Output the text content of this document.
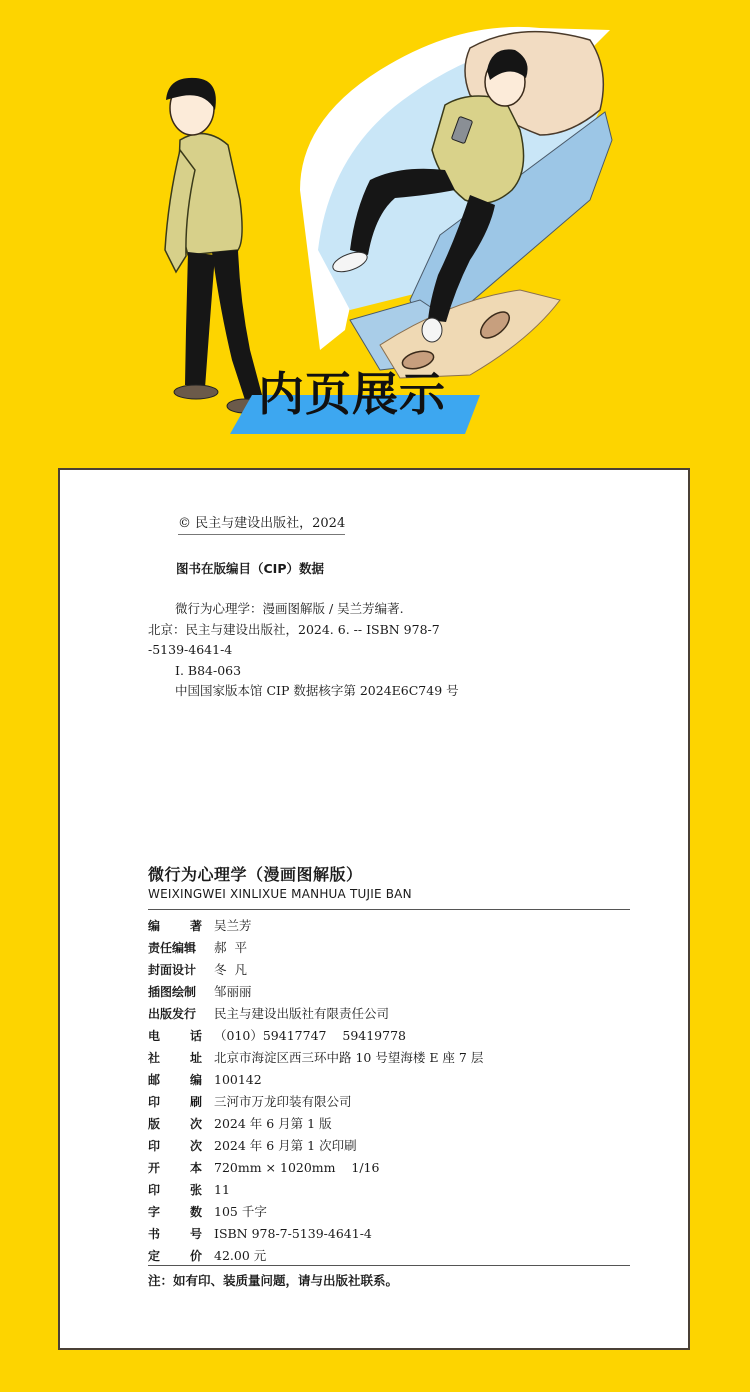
内页展示
© 民主与建设出版社，2024
图书在版编目（CIP）数据
微行为心理学：漫画图解版 / 吴兰芳编著.
北京：民主与建设出版社，2024. 6. -- ISBN 978-7
-5139-4641-4
Ⅰ. B84-063
中国国家版本馆 CIP 数据核字第 2024E6C749 号
微行为心理学（漫画图解版）
WEIXINGWEI XINLIXUE MANHUA TUJIE BAN
编 著 吴兰芳
责任编辑	郝  平
封面设计	冬  凡
插图绘制	邹丽丽
出版发行	民主与建设出版社有限责任公司
电 话 （010）59417747    59419778
社 址 北京市海淀区西三环中路 10 号望海楼 E 座 7 层
邮 编 100142
印 刷 三河市万龙印装有限公司
版 次 2024 年 6 月第 1 版
印 次 2024 年 6 月第 1 次印刷
开 本 720mm × 1020mm    1/16
印 张 11
字 数 105 千字
书 号 ISBN 978-7-5139-4641-4
定 价 42.00 元
注：如有印、装质量问题，请与出版社联系。
